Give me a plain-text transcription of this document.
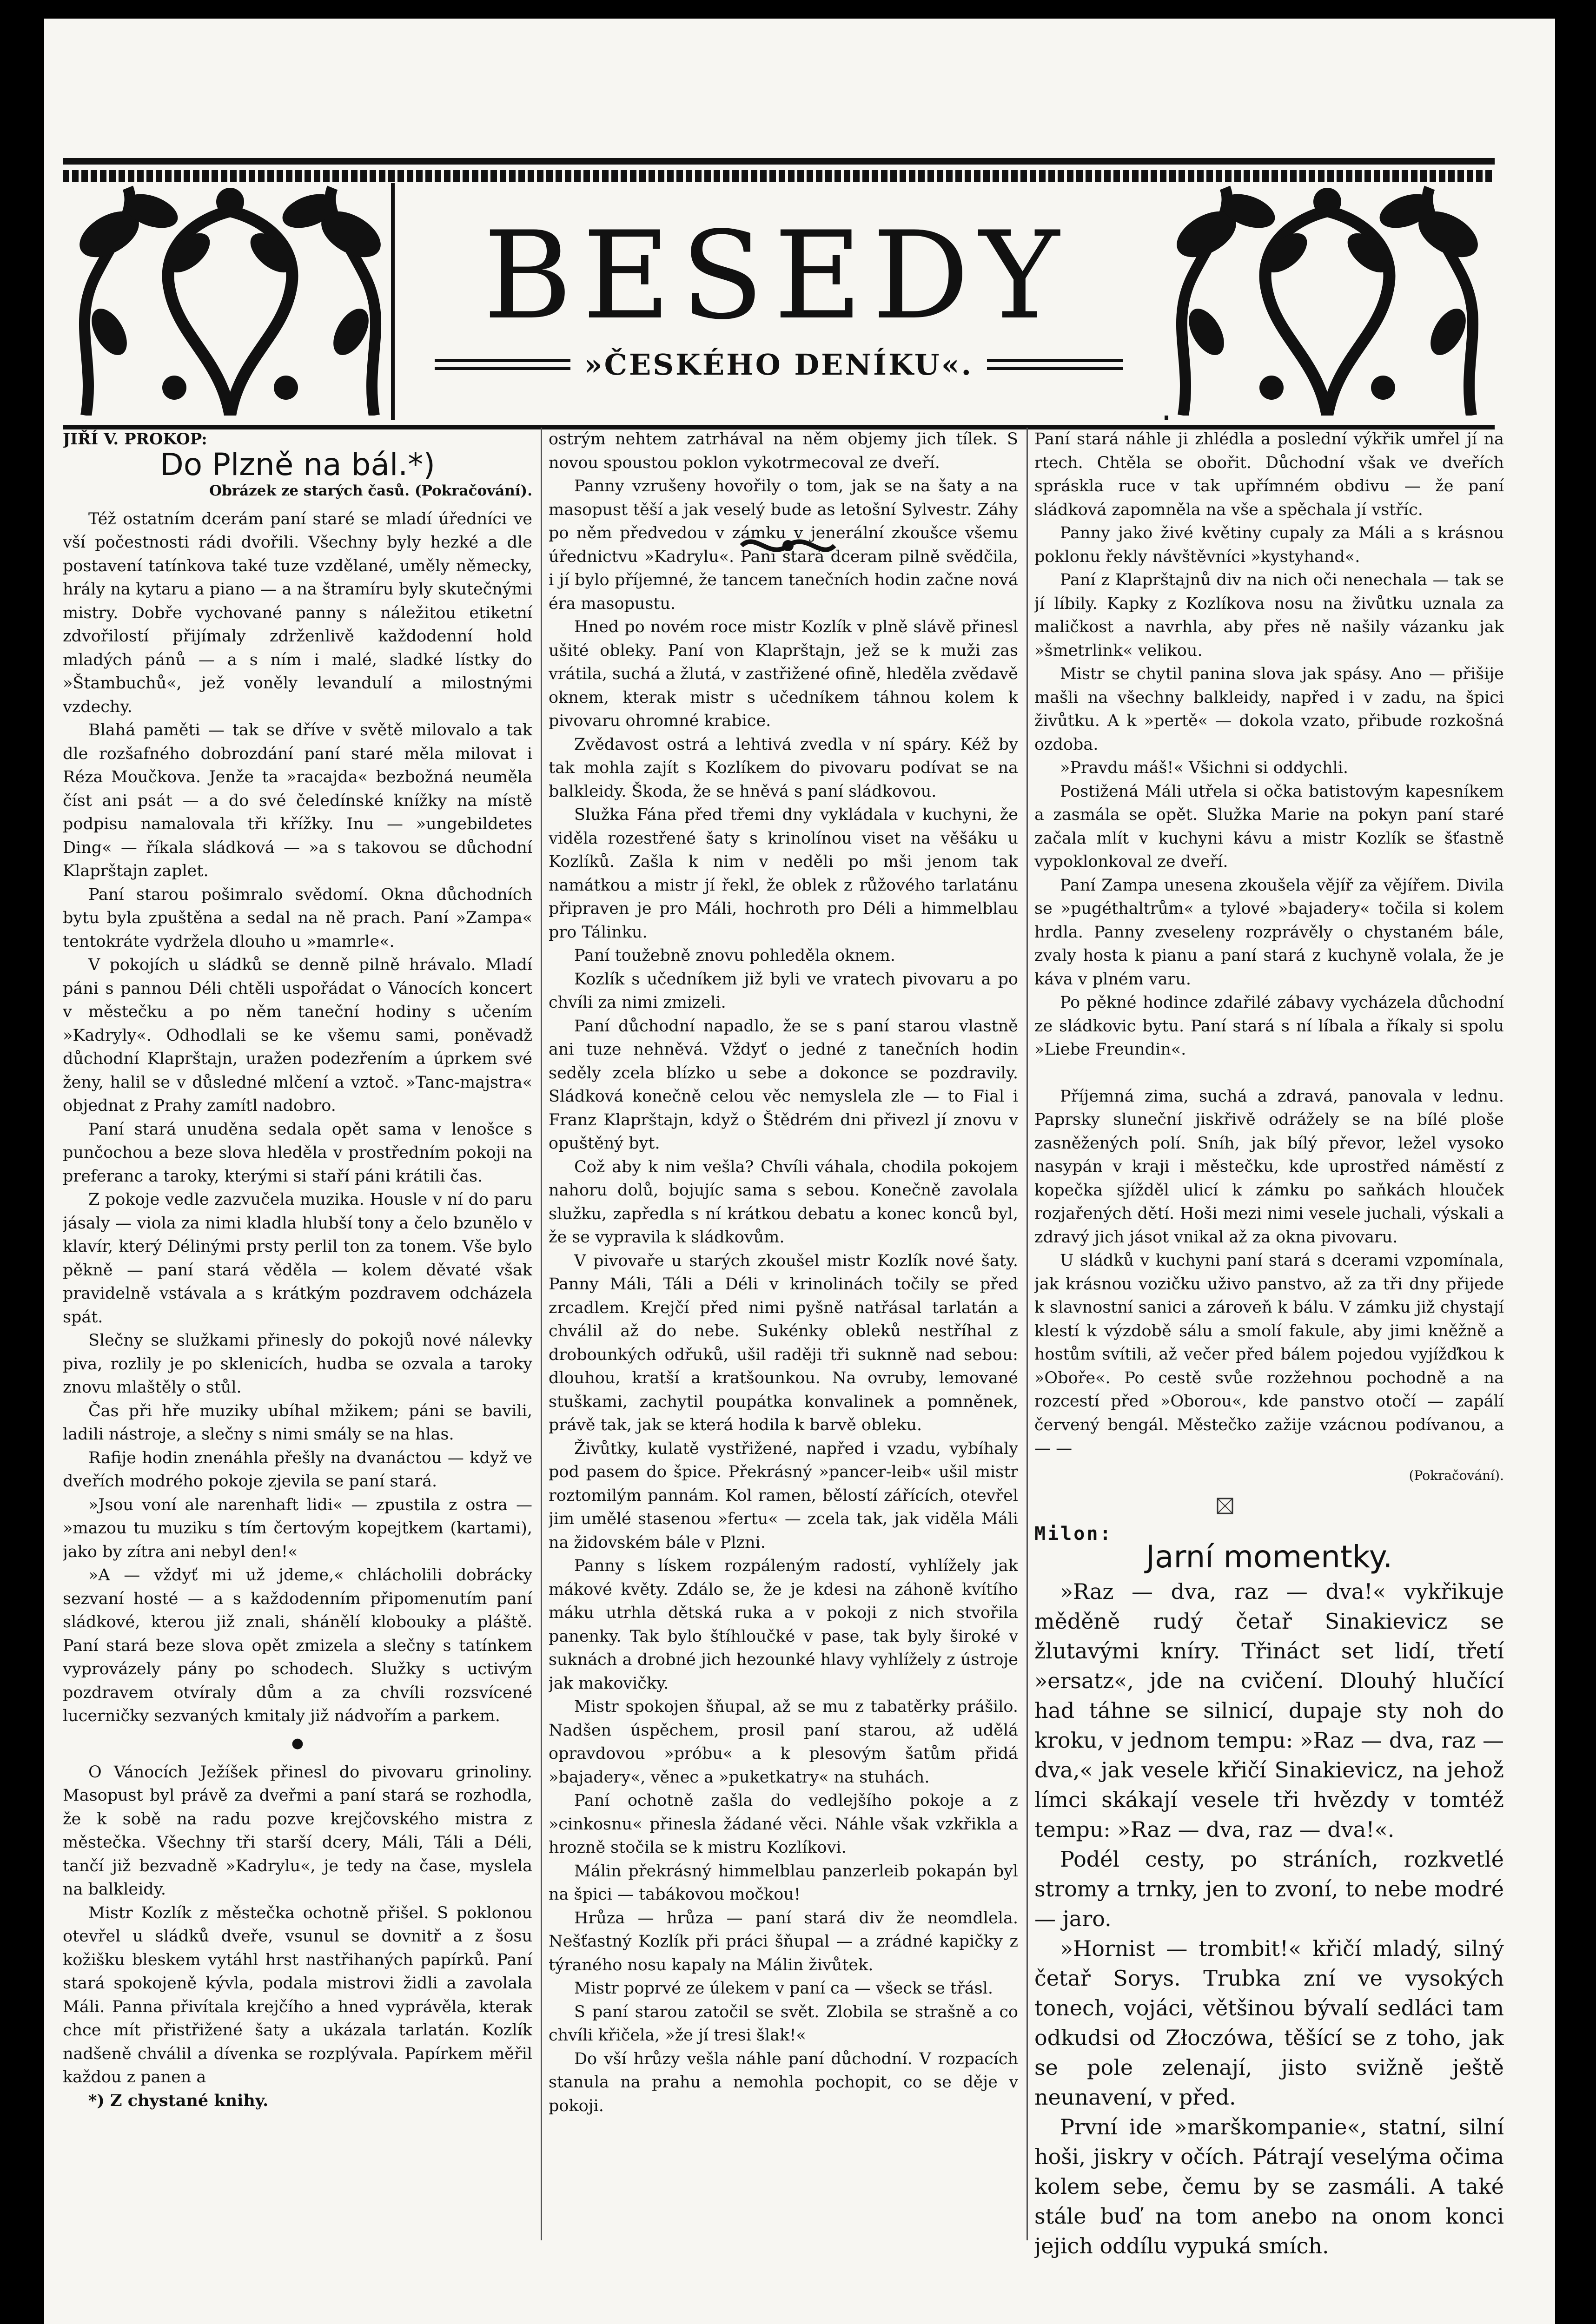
BESEDY
»ČESKÉHO DENÍKU«.

JIŘÍ V. PROKOP:

Do Plzně na bál.*)
Obrázek ze starých časů. (Pokračování).

Též ostatním dcerám paní staré se mladí úředníci ve vší počestnosti rádi dvořili. Všechny byly hezké a dle postavení tatínkova také tuze vzdělané, uměly německy, hrály na kytaru a piano — a na štramíru byly skutečnými mistry. Dobře vychované panny s náležitou etiketní zdvořilostí přijímaly zdrženlivě každodenní hold mladých pánů — a s ním i malé, sladké lístky do »Štambuchů«, jež voněly levandulí a milostnými vzdechy.

Blahá paměti — tak se dříve v světě milovalo a tak dle rozšafného dobrozdání paní staré měla milovat i Réza Moučkova. Jenže ta »racajda« bezbožná neuměla číst ani psát — a do své čeledínské knížky na místě podpisu namalovala tři křížky. Inu — »ungebildetes Ding« — říkala sládková — »a s takovou se důchodní Klaprštajn zaplet.

Paní starou pošimralo svědomí. Okna důchodních bytu byla zpuštěna a sedal na ně prach. Paní »Zampa« tentokráte vydržela dlouho u »mamrle«.

V pokojích u sládků se denně pilně hrávalo. Mladí páni s pannou Déli chtěli uspořádat o Vánocích koncert v městečku a po něm taneční hodiny s učením »Kadryly«. Odhodlali se ke všemu sami, poněvadž důchodní Klaprštajn, uražen podezřením a úprkem své ženy, halil se v důsledné mlčení a vztoč. »Tanc-majstra« objednat z Prahy zamítl nadobro.

Paní stará unuděna sedala opět sama v lenošce s punčochou a beze slova hleděla v prostředním pokoji na preferanc a taroky, kterými si staří páni krátili čas.

Z pokoje vedle zazvučela muzika. Housle v ní do paru jásaly — viola za nimi kladla hlubší tony a čelo bzunělo v klavír, který Délinými prsty perlil ton za tonem. Vše bylo pěkně — paní stará věděla — kolem děvaté však pravidelně vstávala a s krátkým pozdravem odcházela spát.

Slečny se služkami přinesly do pokojů nové nálevky piva, rozlily je po sklenicích, hudba se ozvala a taroky znovu mlaštěly o stůl.

Čas při hře muziky ubíhal mžikem; páni se bavili, ladili nástroje, a slečny s nimi smály se na hlas.

Rafije hodin znenáhla přešly na dvanáctou — když ve dveřích modrého pokoje zjevila se paní stará.

»Jsou voní ale narenhaft lidi« — zpustila z ostra — »mazou tu muziku s tím čertovým kopejtkem (kartami), jako by zítra ani nebyl den!«

»A — vždyť mi už jdeme,« chlácholili dobrácky sezvaní hosté — a s každodenním připomenutím paní sládkové, kterou již znali, shánělí klobouky a pláště. Paní stará beze slova opět zmizela a slečny s tatínkem vyprovázely pány po schodech. Služky s uctivým pozdravem otvíraly dům a za chvíli rozsvícené lucerničky sezvaných kmitaly již nádvořím a parkem.

●

O Vánocích Ježíšek přinesl do pivovaru grinoliny. Masopust byl právě za dveřmi a paní stará se rozhodla, že k sobě na radu pozve krejčovského mistra z městečka. Všechny tři starší dcery, Máli, Táli a Déli, tančí již bezvadně »Kadrylu«, je tedy na čase, myslela na balkleidy.

Mistr Kozlík z městečka ochotně přišel. S poklonou otevřel u sládků dveře, vsunul se dovnitř a z šosu kožišku bleskem vytáhl hrst nastřihaných papírků. Paní stará spokojeně kývla, podala mistrovi židli a zavolala Máli. Panna přivítala krejčího a hned vyprávěla, kterak chce mít přistřižené šaty a ukázala tarlatán. Kozlík nadšeně chválil a dívenka se rozplývala. Papírkem měřil každou z panen a

*) Z chystané knihy.

ostrým nehtem zatrhával na něm objemy jich tílek. S novou spoustou poklon vykotrmecoval ze dveří.

Panny vzrušeny hovořily o tom, jak se na šaty a na masopust těší a jak veselý bude as letošní Sylvestr. Záhy po něm předvedou v zámku v jenerální zkoušce všemu úřednictvu »Kadrylu«. Paní stará dceram pilně svědčila, i jí bylo příjemné, že tancem tanečních hodin začne nová éra masopustu.

Hned po novém roce mistr Kozlík v plně slávě přinesl ušité obleky. Paní von Klaprštajn, jež se k muži zas vrátila, suchá a žlutá, v zastřižené ofině, hleděla zvědavě oknem, kterak mistr s učedníkem táhnou kolem k pivovaru ohromné krabice.

Zvědavost ostrá a lehtivá zvedla v ní spáry. Kéž by tak mohla zajít s Kozlíkem do pivovaru podívat se na balkleidy. Škoda, že se hněvá s paní sládkovou.

Služka Fána před třemi dny vykládala v kuchyni, že viděla rozestřené šaty s krinolínou viset na věšáku u Kozlíků. Zašla k nim v neděli po mši jenom tak namátkou a mistr jí řekl, že oblek z růžového tarlatánu připraven je pro Máli, hochroth pro Déli a himmelblau pro Tálinku.

Paní toužebně znovu pohleděla oknem.

Kozlík s učedníkem již byli ve vratech pivovaru a po chvíli za nimi zmizeli.

Paní důchodní napadlo, že se s paní starou vlastně ani tuze nehněvá. Vždyť o jedné z tanečních hodin seděly zcela blízko u sebe a dokonce se pozdravily. Sládková konečně celou věc nemyslela zle — to Fial i Franz Klaprštajn, když o Štědrém dni přivezl jí znovu v opuštěný byt.

Což aby k nim vešla? Chvíli váhala, chodila pokojem nahoru dolů, bojujíc sama s sebou. Konečně zavolala služku, zapředla s ní krátkou debatu a konec konců byl, že se vypravila k sládkovům.

V pivovaře u starých zkoušel mistr Kozlík nové šaty. Panny Máli, Táli a Déli v krinolinách točily se před zrcadlem. Krejčí před nimi pyšně natřásal tarlatán a chválil až do nebe. Sukénky obleků nestříhal z drobounkých odřuků, ušil raději tři suknně nad sebou: dlouhou, kratší a kratšounkou. Na ovruby, lemované stuškami, zachytil poupátka konvalinek a pomněnek, právě tak, jak se která hodila k barvě obleku.

Živůtky, kulatě vystřižené, napřed i vzadu, vybíhaly pod pasem do špice. Překrásný »pancer-leib« ušil mistr roztomilým pannám. Kol ramen, bělostí zářících, otevřel jim umělé stasenou »fertu« — zcela tak, jak viděla Máli na židovském bále v Plzni.

Panny s lískem rozpáleným radostí, vyhlížely jak mákové květy. Zdálo se, že je kdesi na záhoně kvítího máku utrhla dětská ruka a v pokoji z nich stvořila panenky. Tak bylo štíhloučké v pase, tak byly široké v suknách a drobné jich hezounké hlavy vyhlížely z ústroje jak makovičky.

Mistr spokojen šňupal, až se mu z tabatěrky prášilo. Nadšen úspěchem, prosil paní starou, až udělá opravdovou »próbu« a k plesovým šatům přidá »bajadery«, věnec a »puketkatry« na stuhách.

Paní ochotně zašla do vedlejšího pokoje a z »cinkosnu« přinesla žádané věci. Náhle však vzkřikla a hrozně stočila se k mistru Kozlíkovi.

Málin překrásný himmelblau panzerleib pokapán byl na špici — tabákovou močkou!

Hrůza — hrůza — paní stará div že neomdlela. Nešťastný Kozlík při práci šňupal — a zrádné kapičky z týraného nosu kapaly na Málin živůtek.

Mistr poprvé ze úlekem v paní ca — všeck se třásl.

S paní starou zatočil se svět. Zlobila se strašně a co chvíli křičela, »že jí tresi šlak!«

Do vší hrůzy vešla náhle paní důchodní. V rozpacích stanula na prahu a nemohla pochopit, co se děje v pokoji.

Paní stará náhle ji zhlédla a poslední výkřik umřel jí na rtech. Chtěla se obořit. Důchodní však ve dveřích spráskla ruce v tak upřímném obdivu — že paní sládková zapomněla na vše a spěchala jí vstříc.

Panny jako živé květiny cupaly za Máli a s krásnou poklonu řekly návštěvníci »kystyhand«.

Paní z Klaprštajnů div na nich oči nenechala — tak se jí líbily. Kapky z Kozlíkova nosu na živůtku uznala za maličkost a navrhla, aby přes ně našily vázanku jak »šmetrlink« velikou.

Mistr se chytil panina slova jak spásy. Ano — přišije mašli na všechny balkleidy, napřed i v zadu, na špici živůtku. A k »pertě« — dokola vzato, přibude rozkošná ozdoba.

»Pravdu máš!« Všichni si oddychli.

Postižená Máli utřela si očka batistovým kapesníkem a zasmála se opět. Služka Marie na pokyn paní staré začala mlít v kuchyni kávu a mistr Kozlík se šťastně vypoklonkoval ze dveří.

Paní Zampa unesena zkoušela vějíř za vějířem. Divila se »pugéthaltrům« a tylové »bajadery« točila si kolem hrdla. Panny zveseleny rozprávěly o chystaném bále, zvaly hosta k pianu a paní stará z kuchyně volala, že je káva v plném varu.

Po pěkné hodince zdařilé zábavy vycházela důchodní ze sládkovic bytu. Paní stará s ní líbala a říkaly si spolu »Liebe Freundin«.

Příjemná zima, suchá a zdravá, panovala v lednu. Paprsky sluneční jiskřivě odrážely se na bílé ploše zasněžených polí. Sníh, jak bílý převor, ležel vysoko nasypán v kraji i městečku, kde uprostřed náměstí z kopečka sjížděl ulicí k zámku po saňkách hlouček rozjařených dětí. Hoši mezi nimi vesele juchali, výskali a zdravý jich jásot vnikal až za okna pivovaru.

U sládků v kuchyni paní stará s dcerami vzpomínala, jak krásnou vozičku uživo panstvo, až za tři dny přijede k slavnostní sanici a zároveň k bálu. V zámku již chystají klestí k výzdobě sálu a smolí fakule, aby jimi kněžně a hostům svítili, až večer před bálem pojedou vyjížďkou k »Oboře«. Po cestě svůe rozžehnou pochodně a na rozcestí před »Oborou«, kde panstvo otočí — zapálí červený bengál. Městečko zažije vzácnou podívanou, a — —

(Pokračování).

Milon:

Jarní momentky.

»Raz — dva, raz — dva!« vykřikuje měděně rudý četař Sinakievicz se žlutavými kníry. Třináct set lidí, třetí »ersatz«, jde na cvičení. Dlouhý hlučící had táhne se silnicí, dupaje sty noh do kroku, v jednom tempu: »Raz — dva, raz — dva,« jak vesele křičí Sinakievicz, na jehož límci skákají vesele tři hvězdy v tomtéž tempu: »Raz — dva, raz — dva!«.

Podél cesty, po stráních, rozkvetlé stromy a trnky, jen to zvoní, to nebe modré — jaro.

»Hornist — trombit!« křičí mladý, silný četař Sorys. Trubka zní ve vysokých tonech, vojáci, většinou bývalí sedláci tam odkudsi od Złoczówa, těšící se z toho, jak se pole zelenají, jisto svižně ještě neunavení, v před.

První ide »marškompanie«, statní, silní hoši, jiskry v očích. Pátrají veselýma očima kolem sebe, čemu by se zasmáli. A také stále buď na tom anebo na onom konci jejich oddílu vypuká smích.
